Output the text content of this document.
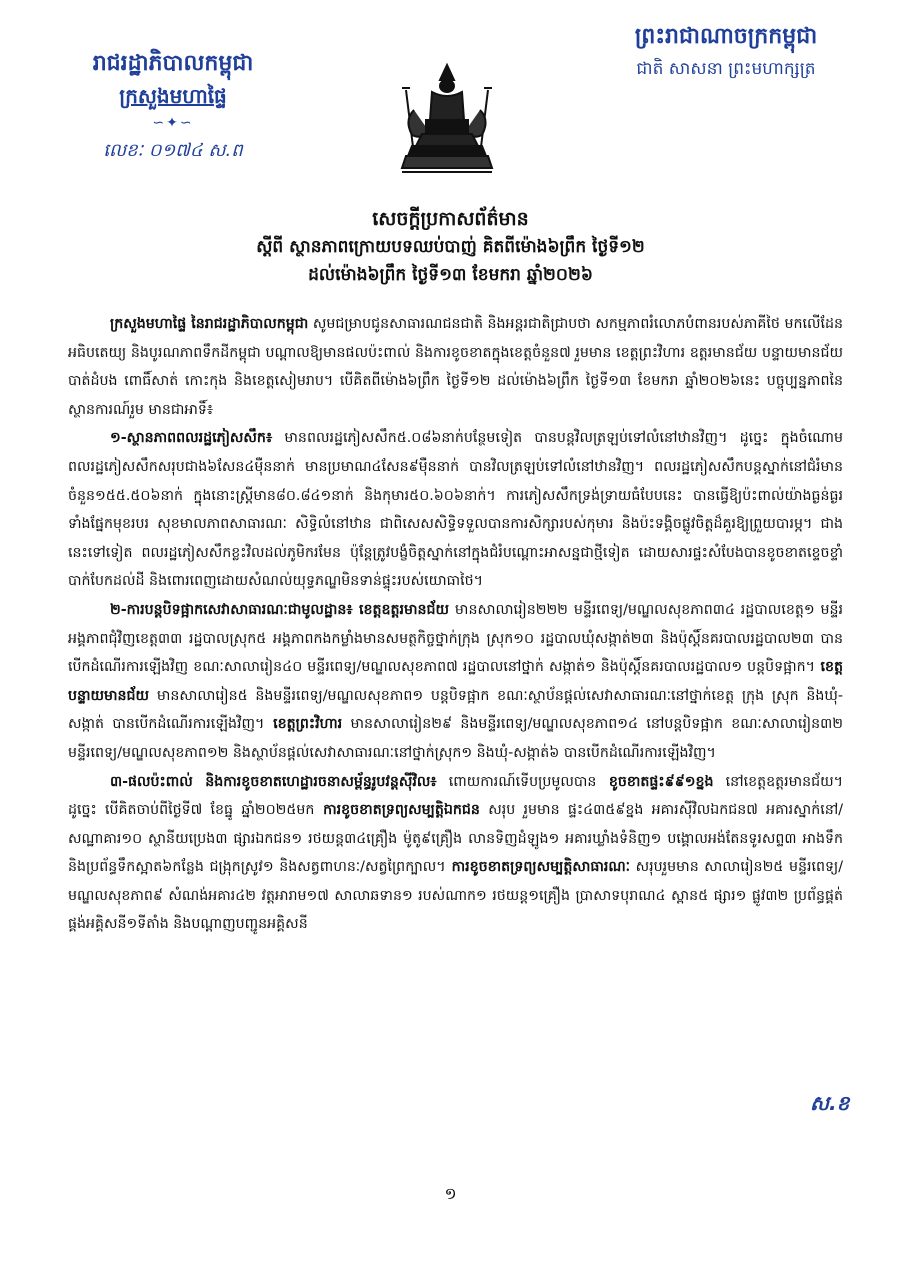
រាជរដ្ឋាភិបាលកម្ពុជា
ក្រសួងមហាផ្ទៃ
∽✦∽
លេខៈ ០១៧៤ ស.ព
ព្រះរាជាណាចក្រកម្ពុជា
ជាតិ សាសនា ព្រះមហាក្សត្រ
សេចក្តីប្រកាសព័ត៌មាន
ស្តីពី ស្ថានភាពក្រោយបទឈប់បាញ់ គិតពីម៉ោង៦ព្រឹក ថ្ងៃទី១២
ដល់ម៉ោង៦ព្រឹក ថ្ងៃទី១៣ ខែមករា ឆ្នាំ២០២៦

ក្រសួងមហាផ្ទៃ នៃរាជរដ្ឋាភិបាលកម្ពុជា សូមជម្រាបជូនសាធារណជនជាតិ និងអន្តរជាតិជ្រាបថា សកម្មភាពរំលោភបំពានរបស់ភាគីថៃ មកលើដែនអធិបតេយ្យ និងបូរណភាពទឹកដីកម្ពុជា បណ្តាលឱ្យមានផលប៉ះពាល់ និងការខូចខាតក្នុងខេត្តចំនួន៧ រួមមាន ខេត្តព្រះវិហារ ឧត្តរមានជ័យ បន្ទាយមានជ័យ បាត់ដំបង ពោធិ៍សាត់ កោះកុង និងខេត្តសៀមរាប។ បើគិតពីម៉ោង៦ព្រឹក ថ្ងៃទី១២ ដល់ម៉ោង៦ព្រឹក ថ្ងៃទី១៣ ខែមករា ឆ្នាំ២០២៦នេះ បច្ចុប្បន្នភាពនៃស្ថានការណ៍រួម មានជាអាទិ៍៖

១-ស្ថានភាពពលរដ្ឋភៀសសឹក៖ មានពលរដ្ឋភៀសសឹក៥.០៨៦នាក់បន្ថែមទៀត បានបន្តវិលត្រឡប់ទៅលំនៅឋានវិញ។ ដូច្នេះ ក្នុងចំណោមពលរដ្ឋភៀសសឹកសរុបជាង៦សែន៤ម៉ឺននាក់ មានប្រមាណ៤សែន៩ម៉ឺននាក់ បានវិលត្រឡប់ទៅលំនៅឋានវិញ។ ពលរដ្ឋភៀសសឹកបន្តស្នាក់នៅជំរំមានចំនួន១៥៥.៥០៦នាក់ ក្នុងនោះស្ត្រីមាន៨០.៨៤១នាក់ និងកុមារ៥០.៦០៦នាក់។ ការភៀសសឹកទ្រង់ទ្រាយធំបែបនេះ បានធ្វើឱ្យប៉ះពាល់យ៉ាងធ្ងន់ធ្ងរ ទាំងផ្នែកមុខរបរ សុខមាលភាពសាធារណៈ សិទ្ធិលំនៅឋាន ជាពិសេសសិទ្ធិទទួលបានការសិក្សារបស់កុមារ និងប៉ះទង្គិចផ្លូវចិត្តដ៏គួរឱ្យព្រួយបារម្ភ។ ជាងនេះទៅទៀត ពលរដ្ឋភៀសសឹកខ្លះវិលដល់ភូមិករមែន ប៉ុន្តែត្រូវបង្ខំចិត្តស្នាក់នៅក្នុងជំរំបណ្តោះអាសន្នជាថ្មីទៀត ដោយសារផ្ទះសំបែងបានខូចខាតខ្ទេចខ្ទាំបាក់បែកដល់ដី និងពោរពេញដោយសំណល់យុទ្ធភណ្ឌមិនទាន់ផ្ទុះរបស់យោធាថៃ។

២-ការបន្តបិទផ្អាកសេវាសាធារណៈជាមូលដ្ឋាន៖ ខេត្តឧត្តរមានជ័យ មានសាលារៀន២២២ មន្ទីរពេទ្យ/មណ្ឌលសុខភាព៣៤ រដ្ឋបាលខេត្ត១ មន្ទីរអង្គភាពជុំវិញខេត្ត៣៣ រដ្ឋបាលស្រុក៥ អង្គភាពកងកម្លាំងមានសមត្ថកិច្ចថ្នាក់ក្រុង ស្រុក១០ រដ្ឋបាលឃុំសង្កាត់២៣ និងប៉ុស្តិ៍នគរបាលរដ្ឋបាល២៣ បានបើកដំណើរការឡើងវិញ ខណៈសាលារៀន៤០ មន្ទីរពេទ្យ/មណ្ឌលសុខភាព៧ រដ្ឋបាលនៅថ្នាក់ សង្កាត់១ និងប៉ុស្តិ៍នគរបាលរដ្ឋបាល១ បន្តបិទផ្អាក។ ខេត្តបន្ទាយមានជ័យ មានសាលារៀន៥ និងមន្ទីរពេទ្យ/មណ្ឌលសុខភាព១ បន្តបិទផ្អាក ខណៈស្ថាប័នផ្តល់សេវាសាធារណៈនៅថ្នាក់ខេត្ត ក្រុង ស្រុក និងឃុំ-សង្កាត់ បានបើកដំណើរការឡើងវិញ។ ខេត្តព្រះវិហារ មានសាលារៀន២៩ និងមន្ទីរពេទ្យ/មណ្ឌលសុខភាព១៤ នៅបន្តបិទផ្អាក ខណៈសាលារៀន៣២ មន្ទីរពេទ្យ/មណ្ឌលសុខភាព១២ និងស្ថាប័នផ្តល់សេវាសាធារណៈនៅថ្នាក់ស្រុក១ និងឃុំ-សង្កាត់៦ បានបើកដំណើរការឡើងវិញ។

៣-ផលប៉ះពាល់ និងការខូចខាតហេដ្ឋារចនាសម្ព័ន្ធរូបវន្តស៊ីវិល៖ ពោយការណ៍ទើបប្រមូលបាន ខូចខាតផ្ទះ៩៩១ខ្នង នៅខេត្តឧត្តរមានជ័យ។ ដូច្នេះ បើគិតចាប់ពីថ្ងៃទី៧ ខែធ្នូ ឆ្នាំ២០២៥មក ការខូចខាតទ្រព្យសម្បត្តិឯកជន សរុប រួមមាន ផ្ទះ៤៣៥៩ខ្នង អគារស៊ីវិលឯកជន៧ អគារស្នាក់នៅ/សណ្ឋាគារ១០ ស្ថានីយប្រេង៣ ផ្សារឯកជន១ រថយន្ត៣៤គ្រឿង ម៉ូតូ៩គ្រឿង លានទិញដំឡូង១ អគារឃ្លាំងទំនិញ១ បង្គោលអង់តែនទូរសព្ទ៣ អាងទឹកនិងប្រព័ន្ធទឹកស្អាត៦កន្លែង ជង្រុកស្រូវ១ និងសត្វពាហនៈ/សត្វព្រៃក្បាល។ ការខូចខាតទ្រព្យសម្បត្តិសាធារណៈ សរុបរួមមាន សាលារៀន២៥ មន្ទីរពេទ្យ/មណ្ឌលសុខភាព៩ សំណង់អគារ៤២ វត្តអារាម១៧ សាលាឆទាន១ របស់ណាក១ រថយន្ត១គ្រឿង ប្រាសាទបុរាណ៤ ស្ពាន៥ ផ្សារ១ ផ្លូវ៣២ ប្រព័ន្ធផ្គត់ផ្គង់អគ្គិសនី១ទីតាំង និងបណ្តាញបញ្ជូនអគ្គិសនី

ស.ខ
១
